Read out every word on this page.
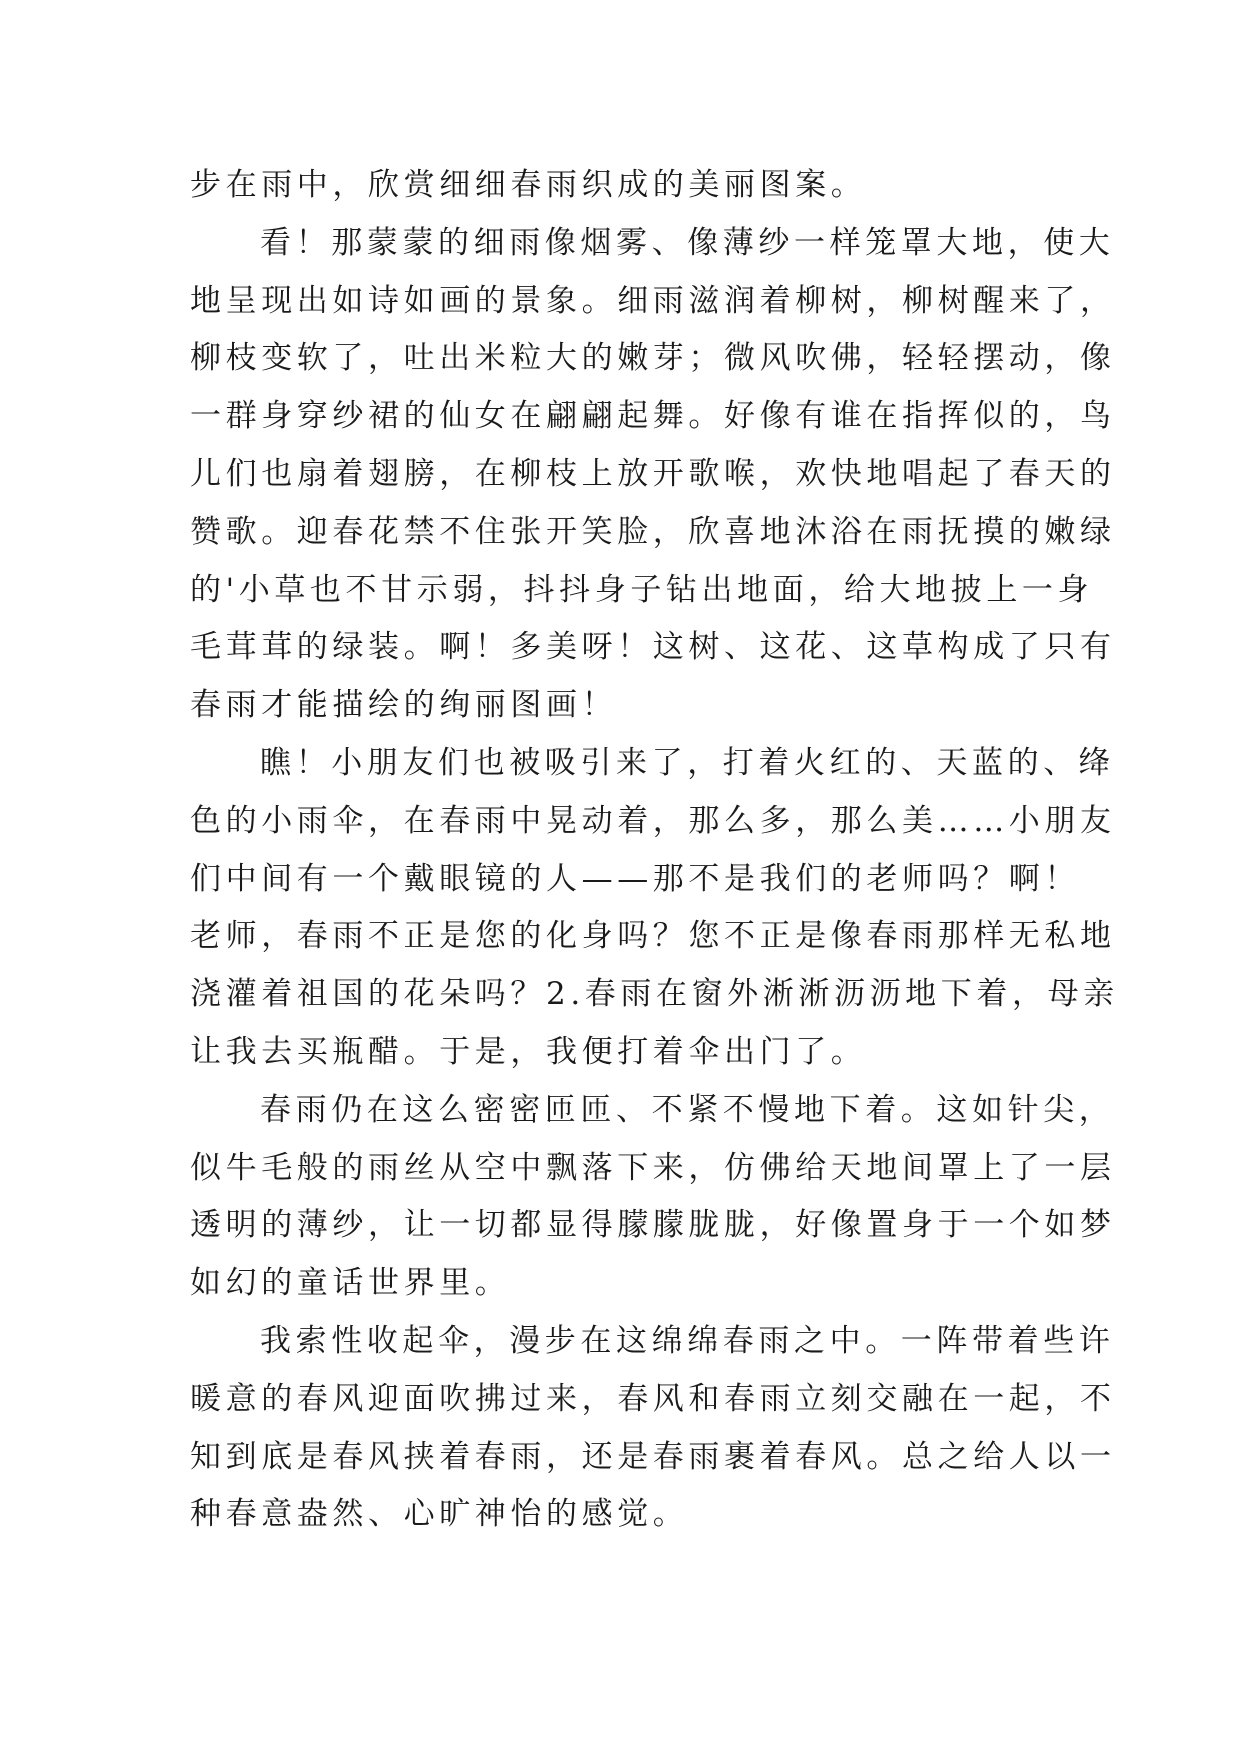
步在雨中，欣赏细细春雨织成的美丽图案。
看！那蒙蒙的细雨像烟雾、像薄纱一样笼罩大地，使大
地呈现出如诗如画的景象。细雨滋润着柳树，柳树醒来了，
柳枝变软了，吐出米粒大的嫩芽；微风吹佛，轻轻摆动，像
一群身穿纱裙的仙女在翩翩起舞。好像有谁在指挥似的，鸟
儿们也扇着翅膀，在柳枝上放开歌喉，欢快地唱起了春天的
赞歌。迎春花禁不住张开笑脸，欣喜地沐浴在雨抚摸的嫩绿
的'小草也不甘示弱，抖抖身子钻出地面，给大地披上一身
毛茸茸的绿装。啊！多美呀！这树、这花、这草构成了只有
春雨才能描绘的绚丽图画！
瞧！小朋友们也被吸引来了，打着火红的、天蓝的、绛
色的小雨伞，在春雨中晃动着，那么多，那么美……小朋友
们中间有一个戴眼镜的人——那不是我们的老师吗？啊！
老师，春雨不正是您的化身吗？您不正是像春雨那样无私地
浇灌着祖国的花朵吗？2.春雨在窗外淅淅沥沥地下着，母亲
让我去买瓶醋。于是，我便打着伞出门了。
春雨仍在这么密密匝匝、不紧不慢地下着。这如针尖，
似牛毛般的雨丝从空中飘落下来，仿佛给天地间罩上了一层
透明的薄纱，让一切都显得朦朦胧胧，好像置身于一个如梦
如幻的童话世界里。
我索性收起伞，漫步在这绵绵春雨之中。一阵带着些许
暖意的春风迎面吹拂过来，春风和春雨立刻交融在一起，不
知到底是春风挟着春雨，还是春雨裹着春风。总之给人以一
种春意盎然、心旷神怡的感觉。
